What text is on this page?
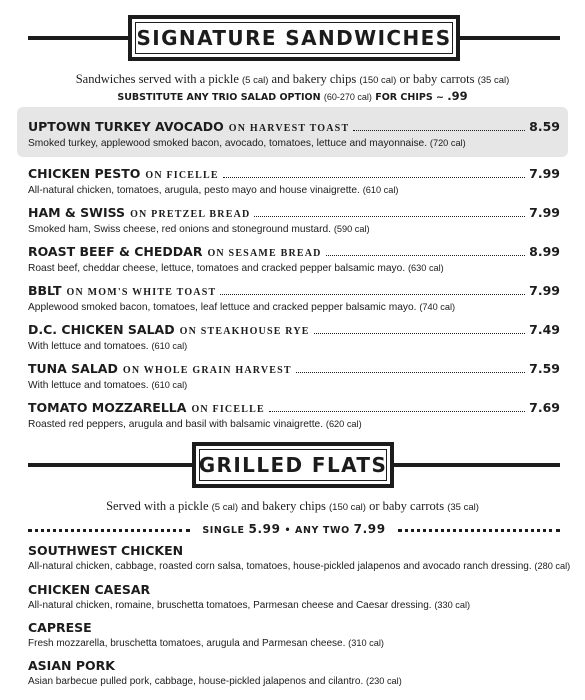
SIGNATURE SANDWICHES
Sandwiches served with a pickle (5 cal) and bakery chips (150 cal) or baby carrots (35 cal)
SUBSTITUTE ANY TRIO SALAD OPTION (60-270 cal) FOR CHIPS ~ .99
UPTOWN TURKEY AVOCADO ON HARVEST TOAST	8.59
Smoked turkey, applewood smoked bacon, avocado, tomatoes, lettuce and mayonnaise. (720 cal)
CHICKEN PESTO ON FICELLE	7.99
All-natural chicken, tomatoes, arugula, pesto mayo and house vinaigrette. (610 cal)
HAM & SWISS ON PRETZEL BREAD	7.99
Smoked ham, Swiss cheese, red onions and stoneground mustard. (590 cal)
ROAST BEEF & CHEDDAR ON SESAME BREAD	8.99
Roast beef, cheddar cheese, lettuce, tomatoes and cracked pepper balsamic mayo. (630 cal)
BBLT ON MOM'S WHITE TOAST	7.99
Applewood smoked bacon, tomatoes, leaf lettuce and cracked pepper balsamic mayo. (740 cal)
D.C. CHICKEN SALAD ON STEAKHOUSE RYE	7.49
With lettuce and tomatoes. (610 cal)
TUNA SALAD ON WHOLE GRAIN HARVEST	7.59
With lettuce and tomatoes. (610 cal)
TOMATO MOZZARELLA ON FICELLE	7.69
Roasted red peppers, arugula and basil with balsamic vinaigrette. (620 cal)
GRILLED FLATS
Served with a pickle (5 cal) and bakery chips (150 cal) or baby carrots (35 cal)
SINGLE 5.99 • ANY TWO 7.99
SOUTHWEST CHICKEN
All-natural chicken, cabbage, roasted corn salsa, tomatoes, house-pickled jalapenos and avocado ranch dressing. (280 cal)
CHICKEN CAESAR
All-natural chicken, romaine, bruschetta tomatoes, Parmesan cheese and Caesar dressing. (330 cal)
CAPRESE
Fresh mozzarella, bruschetta tomatoes, arugula and Parmesan cheese. (310 cal)
ASIAN PORK
Asian barbecue pulled pork, cabbage, house-pickled jalapenos and cilantro. (230 cal)
